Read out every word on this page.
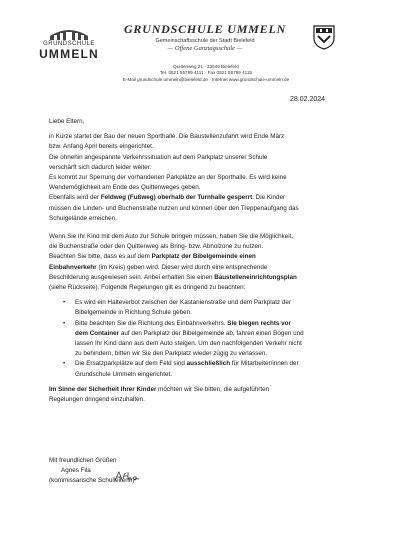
GRUNDSCHULE
UMMELN
GRUNDSCHULE UMMELN
Gemeinschaftsschule der Stadt Bielefeld
— Offene Ganztagsschule —
Quittenweg 21 · 33649 Bielefeld
Tel. 0521 55799 4111 · Fax 0521 55799 4115
E-Mail grundschule.ummeln@bielefeld.de · Internet www.grundschule-ummeln.de
28.02.2024

Liebe Eltern,

in Kürze startet der Bau der neuen Sporthalle. Die Baustellenzufahrt wird Ende März

bzw. Anfang April bereits eingerichtet.

Die ohnehin angespannte Verkehrssituation auf dem Parkplatz unserer Schule

verschärft sich dadurch leider weiter.

Es kommt zur Sperrung der vorhandenen Parkplätze an der Sporthalle. Es wird keine

Wendemöglichkeit am Ende des Quittenweges geben.

Ebenfalls wird der Feldweg (Fußweg) oberhalb der Turnhalle gesperrt. Die Kinder

müssen die Linden- und Buchenstraße nutzen und können über den Treppenaufgang das

Schulgelände erreichen.

Wenn Sie Ihr Kind mit dem Auto zur Schule bringen müssen, haben Sie die Möglichkeit,

die Buchenstraße oder den Quittenweg als Bring- bzw. Abholzone zu nutzen.

Beachten Sie bitte, dass es auf dem Parkplatz der Bibelgemeinde einen

Einbahnverkehr (im Kreis) geben wird. Dieser wird durch eine entsprechende

Beschilderung ausgewiesen sein. Anbei erhalten Sie einen Baustelleneinrichtungsplan

(siehe Rückseite). Folgende Regelungen gilt es dringend zu beachten:

• Es wird ein Halteverbot zwischen der Kastanienstraße und dem Parkplatz der
Bibelgemeinde in Richtung Schule geben.
• Bitte beachten Sie die Richtung des Einbahnverkehrs. Sie biegen rechts vor
dem Container auf den Parkplatz der Bibelgemeinde ab, fahren einen Bogen und
lassen Ihr Kind dann aus dem Auto steigen. Um den nachfolgenden Verkehr nicht
zu behindern, bitten wir Sie den Parkplatz wieder zügig zu verlassen.
• Die Ersatzparkplätze auf dem Feld sind ausschließlich für Mitarbeiter/innen der
Grundschule Ummeln eingerichtet.

Im Sinne der Sicherheit Ihrer Kinder möchten wir Sie bitten, die aufgeführten

Regelungen dringend einzuhalten.

Mit freundlichen Grüßen

Agnes Fila

(kommissarische Schulleiterin)
